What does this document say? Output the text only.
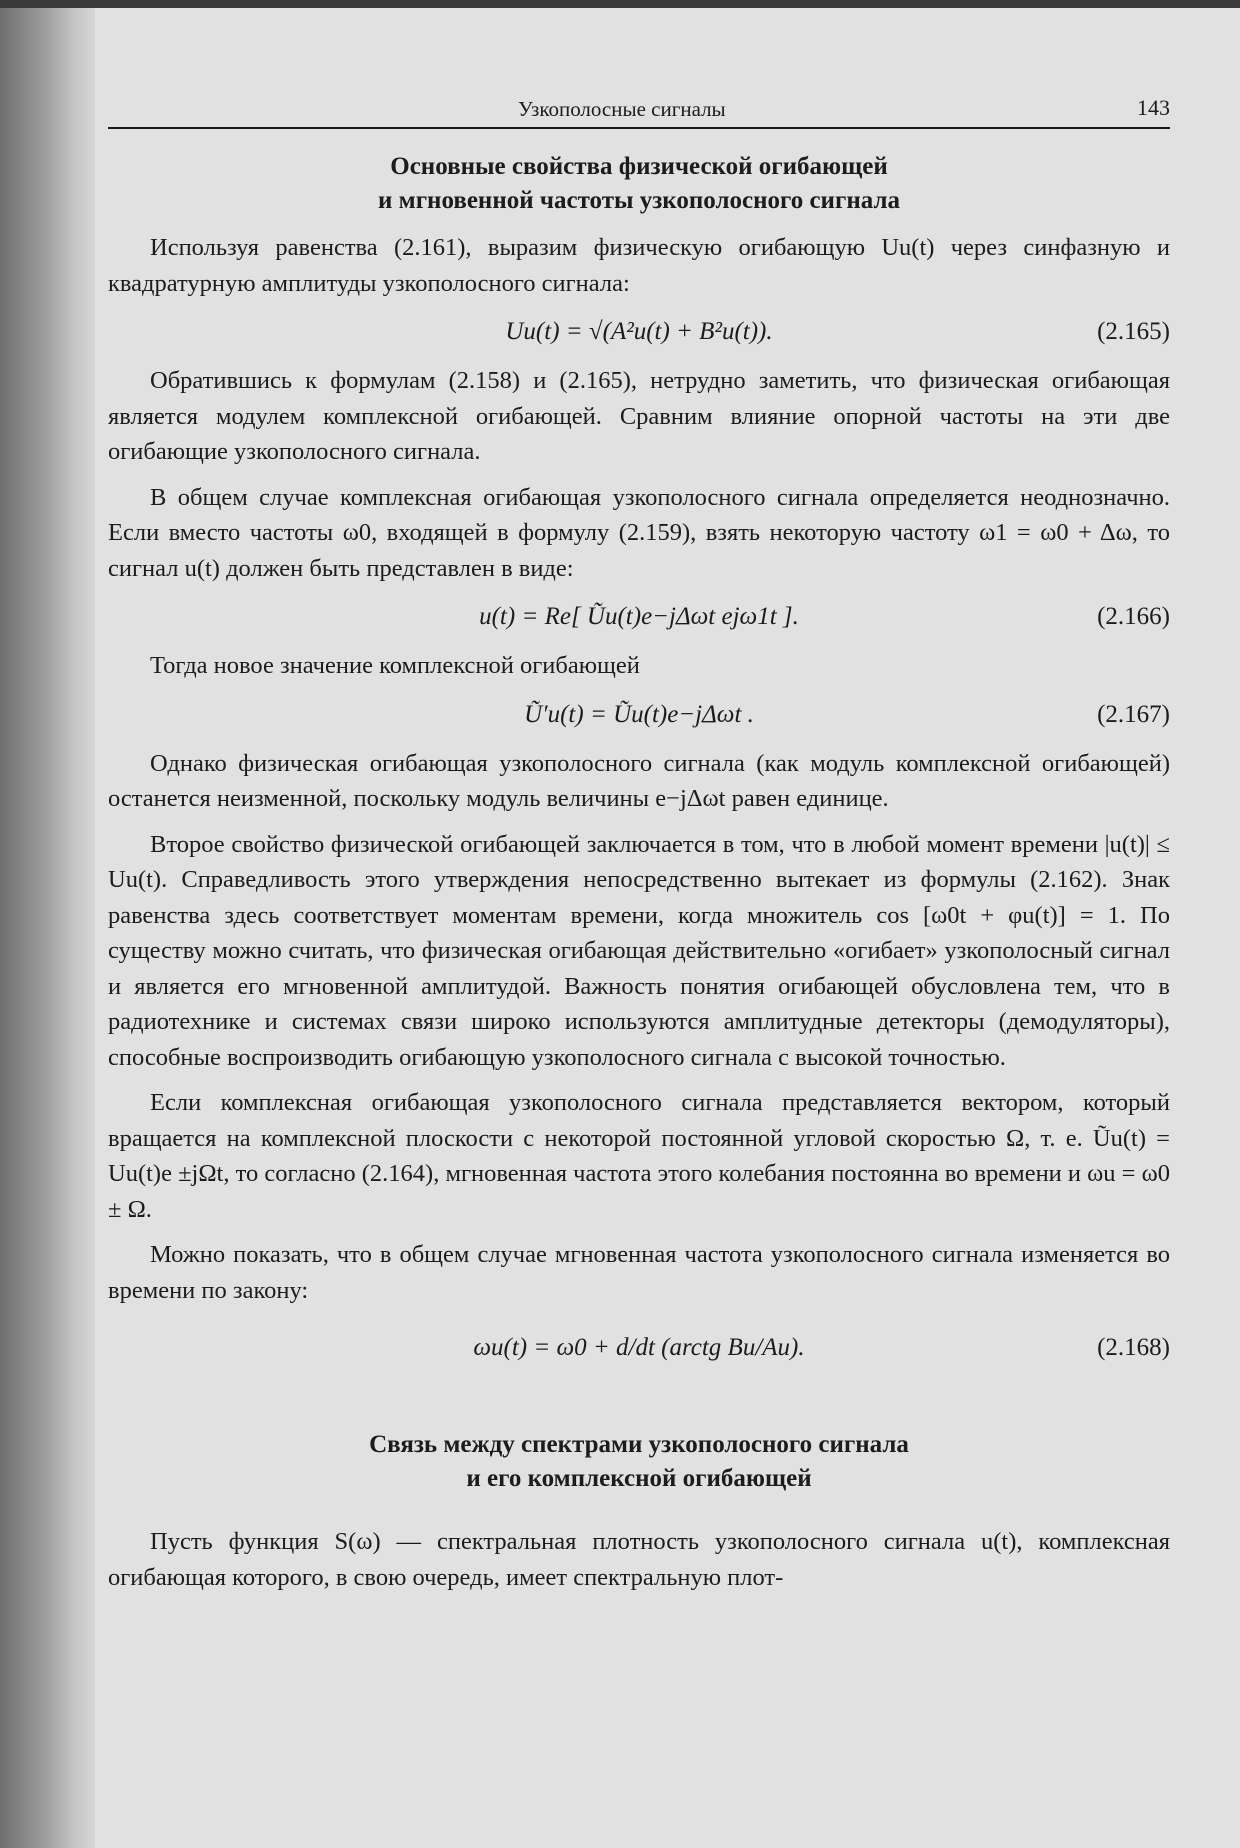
Узкополосные сигналы	143
Основные свойства физической огибающей
и мгновенной частоты узкополосного сигнала

Используя равенства (2.161), выразим физическую огибающую Uu(t) через синфазную и квадратурную амплитуды узкополосного сигнала:

Uu(t) = √(A²u(t) + B²u(t)).	(2.165)

Обратившись к формулам (2.158) и (2.165), нетрудно заметить, что физическая огибающая является модулем комплексной огибающей. Сравним влияние опорной частоты на эти две огибающие узкополосного сигнала.

В общем случае комплексная огибающая узкополосного сигнала определяется неоднозначно. Если вместо частоты ω0, входящей в формулу (2.159), взять некоторую частоту ω1 = ω0 + Δω, то сигнал u(t) должен быть представлен в виде:

u(t) = Re[ Ũu(t)e−jΔωt ejω1t ].	(2.166)

Тогда новое значение комплексной огибающей

Ũ′u(t) = Ũu(t)e−jΔωt .	(2.167)

Однако физическая огибающая узкополосного сигнала (как модуль комплексной огибающей) останется неизменной, поскольку модуль величины e−jΔωt равен единице.

Второе свойство физической огибающей заключается в том, что в любой момент времени |u(t)| ≤ Uu(t). Справедливость этого утверждения непосредственно вытекает из формулы (2.162). Знак равенства здесь соответствует моментам времени, когда множитель cos [ω0t + φu(t)] = 1. По существу можно считать, что физическая огибающая действительно «огибает» узкополосный сигнал и является его мгновенной амплитудой. Важность понятия огибающей обусловлена тем, что в радиотехнике и системах связи широко используются амплитудные детекторы (демодуляторы), способные воспроизводить огибающую узкополосного сигнала с высокой точностью.

Если комплексная огибающая узкополосного сигнала представляется вектором, который вращается на комплексной плоскости с некоторой постоянной угловой скоростью Ω, т. е. Ũu(t) = Uu(t)e ±jΩt, то согласно (2.164), мгновенная частота этого колебания постоянна во времени и ωu = ω0 ± Ω.

Можно показать, что в общем случае мгновенная частота узкополосного сигнала изменяется во времени по закону:

ωu(t) = ω0 + d/dt (arctg Bu/Au).	(2.168)
Связь между спектрами узкополосного сигнала
и его комплексной огибающей

Пусть функция S(ω) — спектральная плотность узкополосного сигнала u(t), комплексная огибающая которого, в свою очередь, имеет спектральную плот-
